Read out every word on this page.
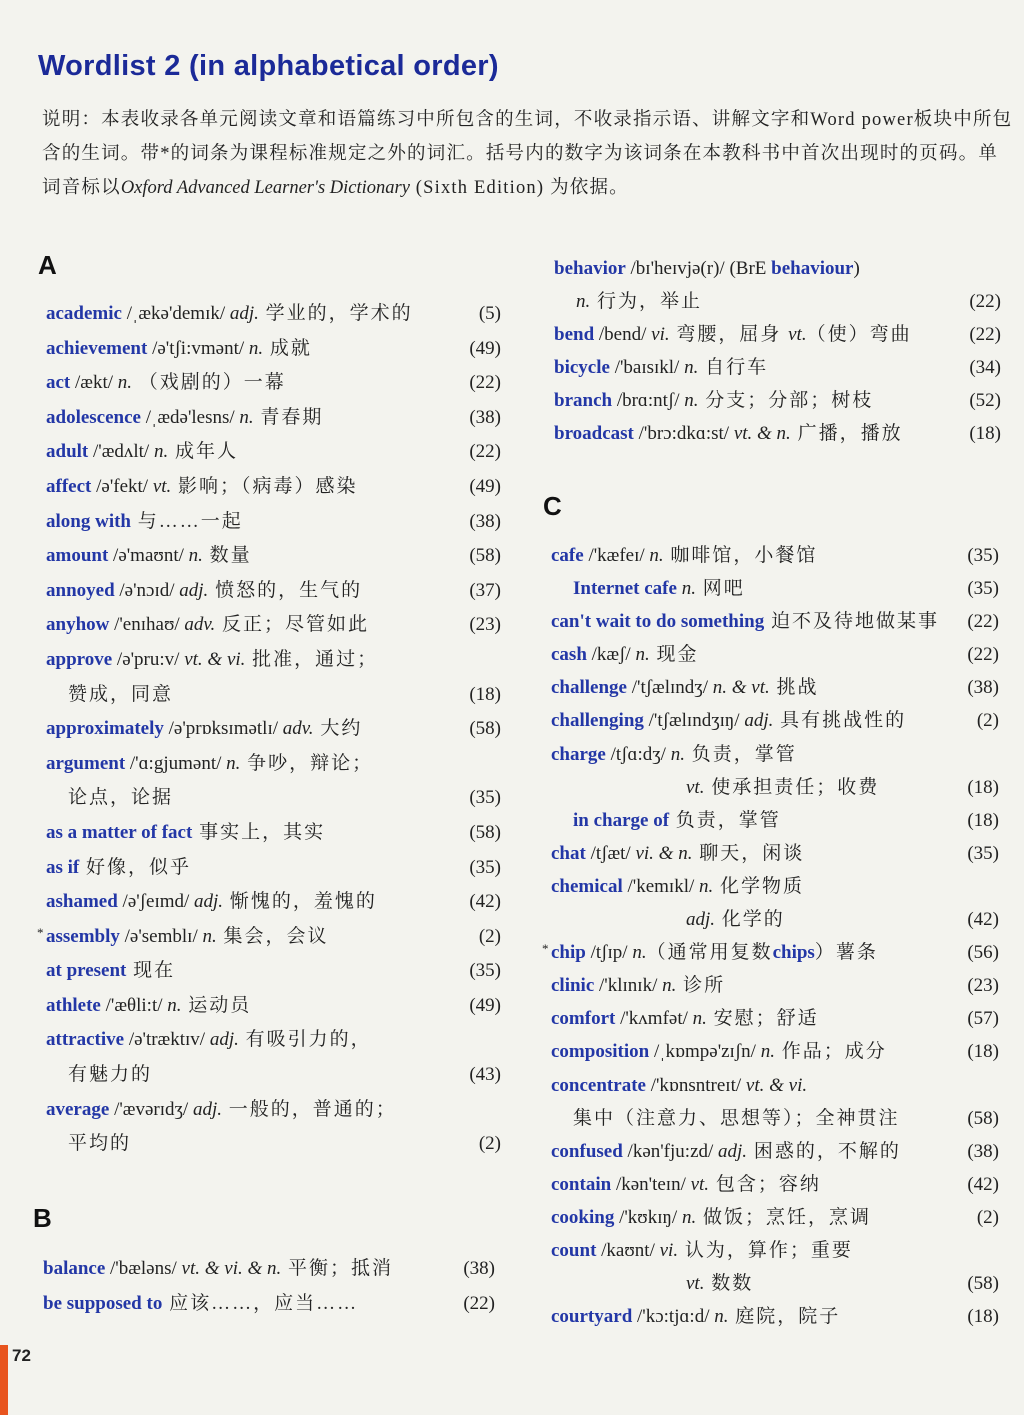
Wordlist 2 (in alphabetical order)
说明：本表收录各单元阅读文章和语篇练习中所包含的生词，不收录指示语、讲解文字和Word power板块中所包含的生词。带*的词条为课程标准规定之外的词汇。括号内的数字为该词条在本教科书中首次出现时的页码。单词音标以Oxford Advanced Learner's Dictionary (Sixth Edition) 为依据。
A
academic /ˌækə'demɪk/ adj. 学业的，学术的	(5)
achievement /ə'tʃi:vmənt/ n. 成就	(49)
act /ækt/ n. （戏剧的）一幕	(22)
adolescence /ˌædə'lesns/ n. 青春期	(38)
adult /'ædʌlt/ n. 成年人	(22)
affect /ə'fekt/ vt. 影响；（病毒）感染	(49)
along with 与……一起	(38)
amount /ə'maʊnt/ n. 数量	(58)
annoyed /ə'nɔɪd/ adj. 愤怒的，生气的	(37)
anyhow /'enɪhaʊ/ adv. 反正；尽管如此	(23)
approve /ə'pru:v/ vt. & vi. 批准，通过；
赞成，同意	(18)
approximately /ə'prɒksɪmətlɪ/ adv. 大约	(58)
argument /'ɑ:gjumənt/ n. 争吵，辩论；
论点，论据	(35)
as a matter of fact 事实上，其实	(58)
as if 好像，似乎	(35)
ashamed /ə'ʃeɪmd/ adj. 惭愧的，羞愧的	(42)
* assembly /ə'semblɪ/ n. 集会，会议	(2)
at present 现在	(35)
athlete /'æθli:t/ n. 运动员	(49)
attractive /ə'træktɪv/ adj. 有吸引力的，
有魅力的	(43)
average /'ævərɪdʒ/ adj. 一般的，普通的；
平均的	(2)
B
balance /'bæləns/ vt. & vi. & n. 平衡；抵消	(38)
be supposed to 应该……，应当……	(22)
behavior /bɪ'heɪvjə(r)/ (BrE behaviour)
n. 行为，举止	(22)
bend /bend/ vi. 弯腰，屈身 vt.（使）弯曲	(22)
bicycle /'baɪsɪkl/ n. 自行车	(34)
branch /brɑ:ntʃ/ n. 分支；分部；树枝	(52)
broadcast /'brɔ:dkɑ:st/ vt. & n. 广播，播放	(18)
C
cafe /'kæfeɪ/ n. 咖啡馆，小餐馆	(35)
Internet cafe n. 网吧	(35)
can't wait to do something 迫不及待地做某事 (22)
cash /kæʃ/ n. 现金	(22)
challenge /'tʃælɪndʒ/ n. & vt. 挑战	(38)
challenging /'tʃælɪndʒɪŋ/ adj. 具有挑战性的	(2)
charge /tʃɑ:dʒ/ n. 负责，掌管
vt. 使承担责任；收费	(18)
in charge of 负责，掌管	(18)
chat /tʃæt/ vi. & n. 聊天，闲谈	(35)
chemical /'kemɪkl/ n. 化学物质
adj. 化学的	(42)
* chip /tʃɪp/ n.（通常用复数chips）薯条	(56)
clinic /'klɪnɪk/ n. 诊所	(23)
comfort /'kʌmfət/ n. 安慰；舒适	(57)
composition /ˌkɒmpə'zɪʃn/ n. 作品；成分	(18)
concentrate /'kɒnsntreɪt/ vt. & vi.
集中（注意力、思想等）；全神贯注	(58)
confused /kən'fju:zd/ adj. 困惑的，不解的	(38)
contain /kən'teɪn/ vt. 包含；容纳	(42)
cooking /'kʊkɪŋ/ n. 做饭；烹饪，烹调	(2)
count /kaʊnt/ vi. 认为，算作；重要
vt. 数数	(58)
courtyard /'kɔ:tjɑ:d/ n. 庭院，院子	(18)
72
